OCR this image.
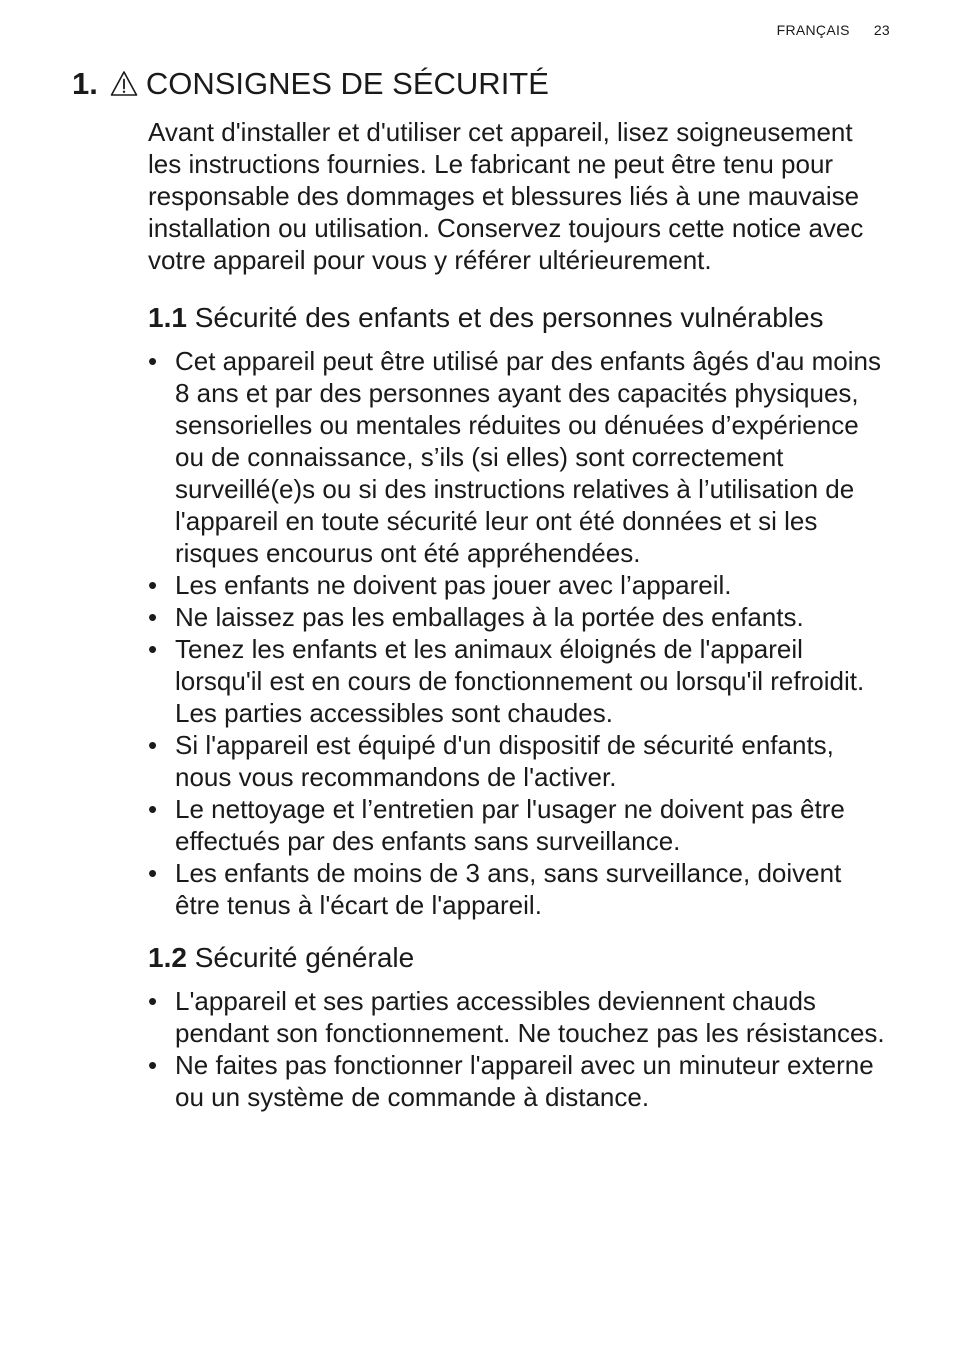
FRANÇAIS 23
1. CONSIGNES DE SÉCURITÉ

Avant d'installer et d'utiliser cet appareil, lisez soigneusement les instructions fournies. Le fabricant ne peut être tenu pour responsable des dommages et blessures liés à une mauvaise installation ou utilisation. Conservez toujours cette notice avec votre appareil pour vous y référer ultérieurement.

1.1 Sécurité des enfants et des personnes vulnérables
• Cet appareil peut être utilisé par des enfants âgés d'au moins 8 ans et par des personnes ayant des capacités physiques, sensorielles ou mentales réduites ou dénuées d’expérience ou de connaissance, s’ils (si elles) sont correctement surveillé(e)s ou si des instructions relatives à l’utilisation de l'appareil en toute sécurité leur ont été données et si les risques encourus ont été appréhendées.
• Les enfants ne doivent pas jouer avec l’appareil.
• Ne laissez pas les emballages à la portée des enfants.
• Tenez les enfants et les animaux éloignés de l'appareil lorsqu'il est en cours de fonctionnement ou lorsqu'il refroidit. Les parties accessibles sont chaudes.
• Si l'appareil est équipé d'un dispositif de sécurité enfants, nous vous recommandons de l'activer.
• Le nettoyage et l’entretien par l'usager ne doivent pas être effectués par des enfants sans surveillance.
• Les enfants de moins de 3 ans, sans surveillance, doivent être tenus à l'écart de l'appareil.
1.2 Sécurité générale
• L'appareil et ses parties accessibles deviennent chauds pendant son fonctionnement. Ne touchez pas les résistances.
• Ne faites pas fonctionner l'appareil avec un minuteur externe ou un système de commande à distance.
